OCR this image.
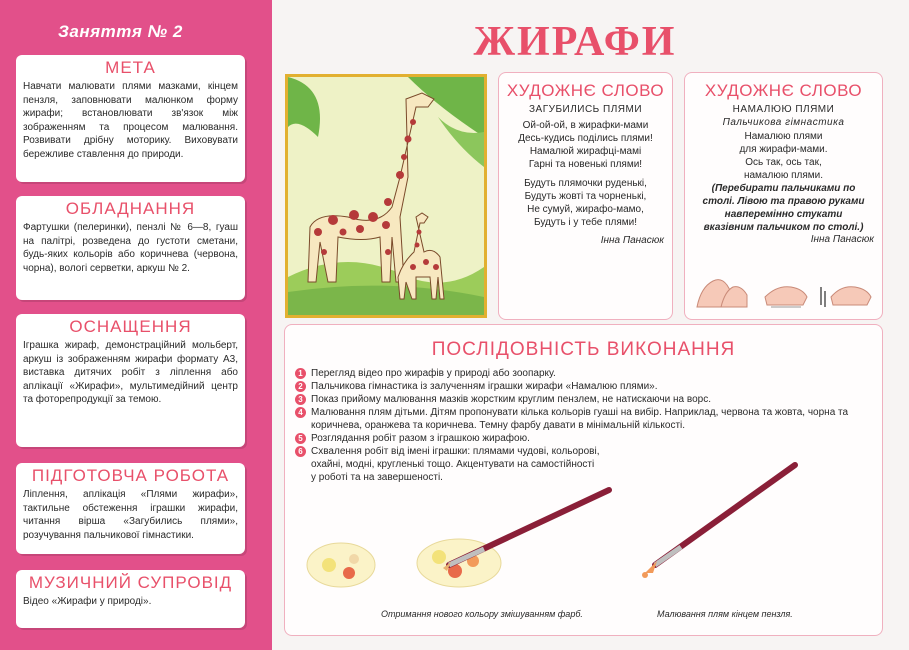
Заняття № 2
МЕТА

Навчати малювати плями мазками, кінцем пензля, заповнювати малюнком форму жирафи; встановлювати зв'язок між зображенням та процесом малювання. Розвивати дрібну моторику. Виховувати бережливе ставлення до природи.

ОБЛАДНАННЯ

Фартушки (пелеринки), пензлі № 6—8, гуаш на палітрі, розведена до густоти сметани, будь-яких кольорів або коричнева (червона, чорна), вологі серветки, аркуш № 2.

ОСНАЩЕННЯ

Іграшка жираф, демонстраційний мольберт, аркуш із зображенням жирафи формату А3, виставка дитячих робіт з ліплення або аплікації «Жирафи», мультимедійний центр та фоторепродукції за темою.

ПІДГОТОВЧА РОБОТА

Ліплення, аплікація «Плями жирафи», тактильне обстеження іграшки жирафи, читання вірша «Загубились плями», розучування пальчикової гімнастики.

МУЗИЧНИЙ СУПРОВІД

Відео «Жирафи у природі».

ЖИРАФИ
ХУДОЖНЄ СЛОВО
ЗАГУБИЛИСЬ ПЛЯМИ
Ой-ой-ой, в жирафки-мами
Десь-кудись поділись плями!
Намалюй жирафці-мамі
Гарні та новенькі плями!
Будуть плямочки руденькі,
Будуть жовті та чорненькі,
Не сумуй, жирафо-мамо,
Будуть і у тебе плями!
Інна Панасюк
ХУДОЖНЄ СЛОВО
НАМАЛЮЮ ПЛЯМИ
Пальчикова гімнастика
Намалюю плями
для жирафи-мами.
Ось так, ось так,
намалюю плями.
(Перебирати пальчиками по столі. Лівою та правою руками навперемінно стукати вказівним пальчиком по столі.)
Інна Панасюк
ПОСЛІДОВНІСТЬ ВИКОНАННЯ
1 Перегляд відео про жирафів у природі або зоопарку.
2 Пальчикова гімнастика із залученням іграшки жирафи «Намалюю плями».
3 Показ прийому малювання мазків жорстким круглим пензлем, не натискаючи на ворс.
4 Малювання плям дітьми. Дітям пропонувати кілька кольорів гуаші на вибір. Наприклад, червона та жовта, чорна та коричнева, оранжева та коричнева. Темну фарбу давати в мінімальній кількості.
5 Розглядання робіт разом з іграшкою жирафою.
6 Схвалення робіт від імені іграшки: плямами чудові, кольорові, охайні, модні, кругленькі тощо. Акцентувати на самостійності у роботі та на завершеності.
Отримання нового кольору змішуванням фарб.	Малювання плям кінцем пензля.
